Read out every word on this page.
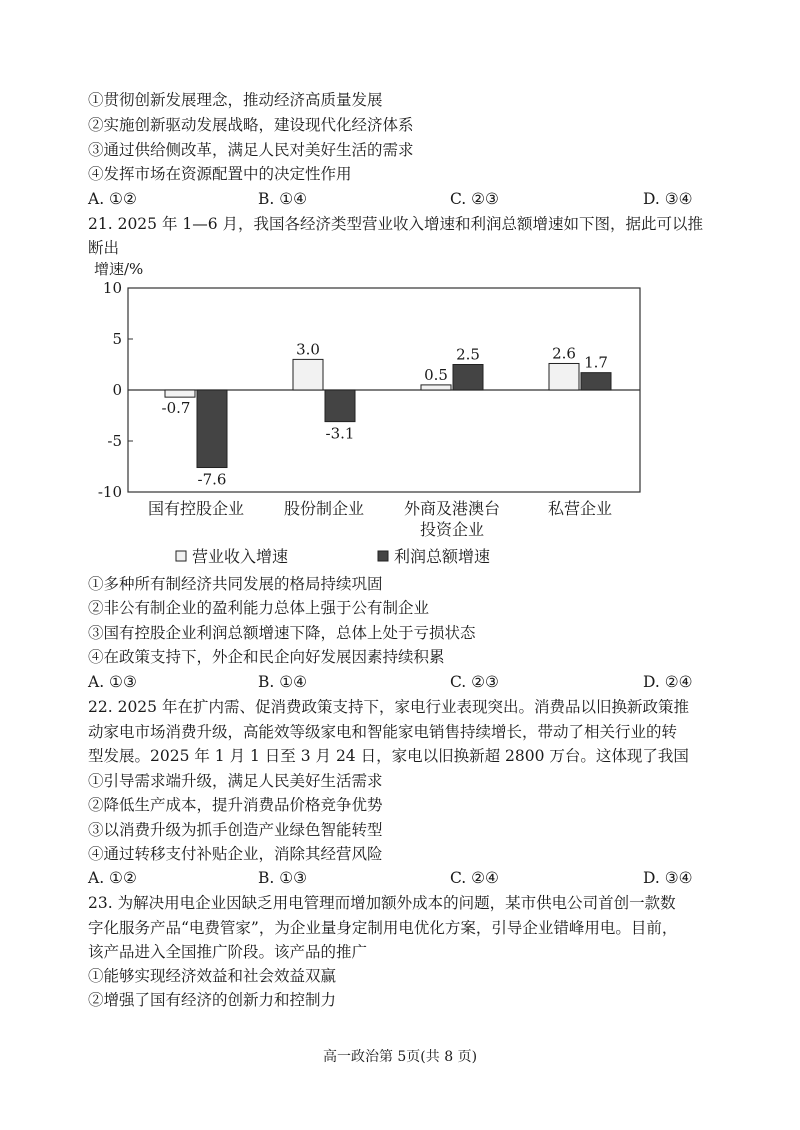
①贯彻创新发展理念，推动经济高质量发展
②实施创新驱动发展战略，建设现代化经济体系
③通过供给侧改革，满足人民对美好生活的需求
④发挥市场在资源配置中的决定性作用
A. ①②	B. ①④	C. ②③	D. ③④
21. 2025 年 1—6 月，我国各经济类型营业收入增速和利润总额增速如下图，据此可以推
断出
增速/%
10
5
0
-5
-10
-0.7
-7.6
国有控股企业
3.0
-3.1
股份制企业
0.5
2.5
外商及港澳台
投资企业
2.6
1.7
私营企业
营业收入增速	利润总额增速
①多种所有制经济共同发展的格局持续巩固
②非公有制企业的盈利能力总体上强于公有制企业
③国有控股企业利润总额增速下降，总体上处于亏损状态
④在政策支持下，外企和民企向好发展因素持续积累
A. ①③	B. ①④	C. ②③	D. ②④
22. 2025 年在扩内需、促消费政策支持下，家电行业表现突出。消费品以旧换新政策推
动家电市场消费升级，高能效等级家电和智能家电销售持续增长，带动了相关行业的转
型发展。2025 年 1 月 1 日至 3 月 24 日，家电以旧换新超 2800 万台。这体现了我国
①引导需求端升级，满足人民美好生活需求
②降低生产成本，提升消费品价格竞争优势
③以消费升级为抓手创造产业绿色智能转型
④通过转移支付补贴企业，消除其经营风险
A. ①②	B. ①③	C. ②④	D. ③④
23. 为解决用电企业因缺乏用电管理而增加额外成本的问题，某市供电公司首创一款数
字化服务产品“电费管家”，为企业量身定制用电优化方案，引导企业错峰用电。目前，
该产品进入全国推广阶段。该产品的推广
①能够实现经济效益和社会效益双赢
②增强了国有经济的创新力和控制力
高一政治第 5页(共 8 页)
